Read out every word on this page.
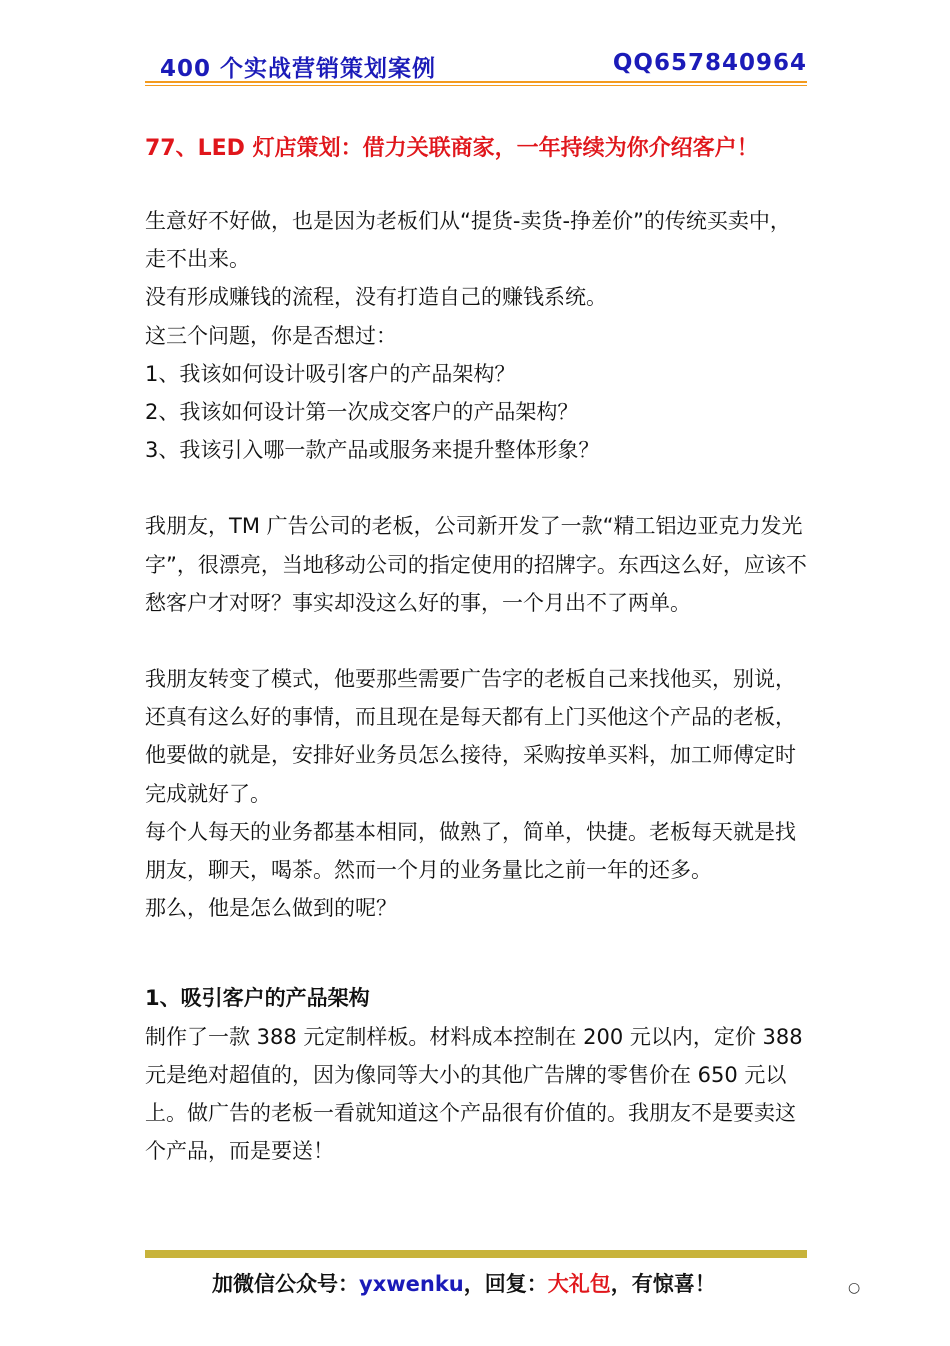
400 个实战营销策划案例	QQ657840964
77、LED 灯店策划：借力关联商家，一年持续为你介绍客户！

生意好不好做，也是因为老板们从“提货-卖货-挣差价”的传统买卖中，走不出来。

没有形成赚钱的流程，没有打造自己的赚钱系统。

这三个问题，你是否想过：

1、我该如何设计吸引客户的产品架构？

2、我该如何设计第一次成交客户的产品架构？

3、我该引入哪一款产品或服务来提升整体形象？

我朋友，TM 广告公司的老板，公司新开发了一款“精工铝边亚克力发光字”，很漂亮，当地移动公司的指定使用的招牌字。东西这么好，应该不愁客户才对呀？事实却没这么好的事，一个月出不了两单。

我朋友转变了模式，他要那些需要广告字的老板自己来找他买，别说，还真有这么好的事情，而且现在是每天都有上门买他这个产品的老板，他要做的就是，安排好业务员怎么接待，采购按单买料，加工师傅定时完成就好了。

每个人每天的业务都基本相同，做熟了，简单，快捷。老板每天就是找朋友，聊天，喝茶。然而一个月的业务量比之前一年的还多。

那么，他是怎么做到的呢？

1、吸引客户的产品架构

制作了一款 388 元定制样板。材料成本控制在 200 元以内，定价 388 元是绝对超值的，因为像同等大小的其他广告牌的零售价在 650 元以上。做广告的老板一看就知道这个产品很有价值的。我朋友不是要卖这个产品，而是要送！

加微信公众号：yxwenku，回复：大礼包，有惊喜！	○
